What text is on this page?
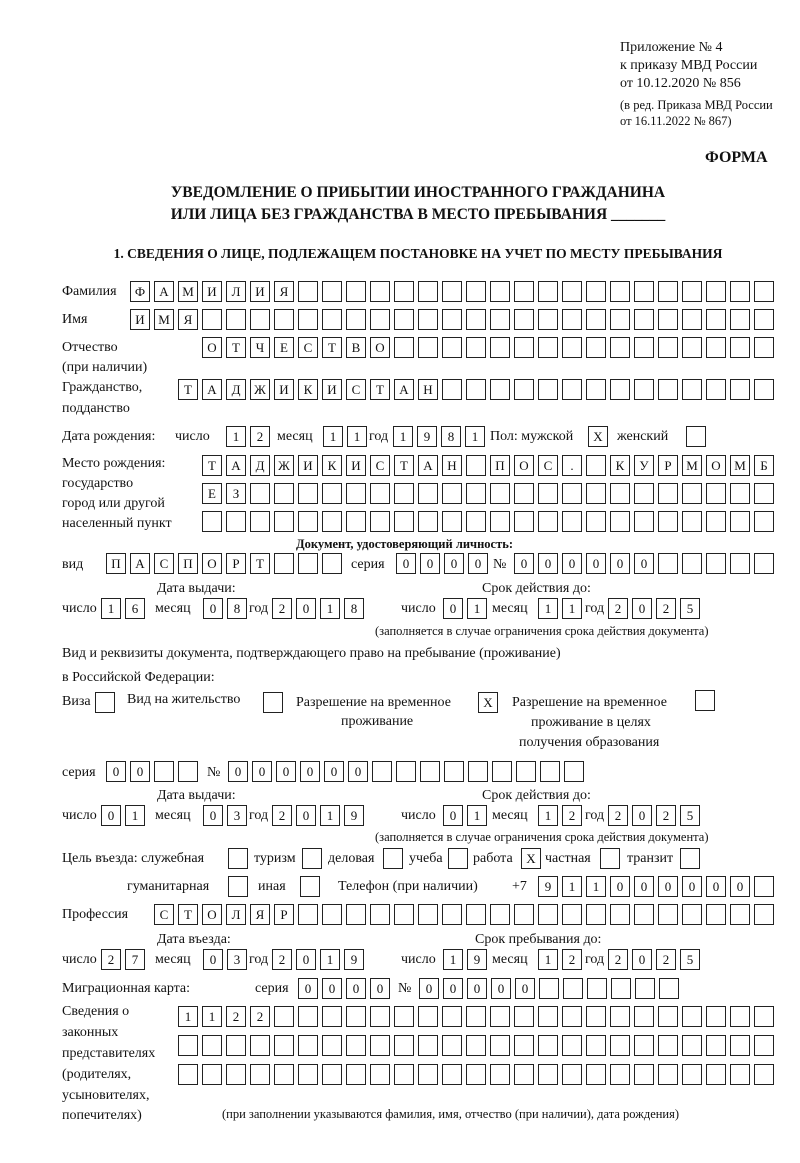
Приложение № 4
к приказу МВД России
от 10.12.2020 № 856
(в ред. Приказа МВД России
от 16.11.2022 № 867)
ФОРМА
УВЕДОМЛЕНИЕ О ПРИБЫТИИ ИНОСТРАННОГО ГРАЖДАНИНА
ИЛИ ЛИЦА БЕЗ ГРАЖДАНСТВА В МЕСТО ПРЕБЫВАНИЯ _______
1. СВЕДЕНИЯ О ЛИЦЕ, ПОДЛЕЖАЩЕМ ПОСТАНОВКЕ НА УЧЕТ ПО МЕСТУ ПРЕБЫВАНИЯ
Фамилия	Ф	А	М	И	Л	И	Я
Имя	И	М	Я
Отчество
(при наличии)
О	Т	Ч	Е	С	Т	В	О
Гражданство,
подданство
Т	А	Д	Ж	И	К	И	С	Т	А	Н
Дата рождения: число	1	2 месяц	1	1 год 1	9	8	1 Пол: мужской	X	женский
Место рождения:
государство
город или другой
населенный пункт
Т	А	Д	Ж	И	К	И	С	Т	А	Н	П	О	С	.	К	У	Р	М	О	М	Б
Е	З
Документ, удостоверяющий личность:
вид	П	А	С	П	О	Р	Т	серия	0	0	0	0 №	0	0	0	0	0	0
Дата выдачи:	Срок действия до:
число 1	6	месяц	0	8 год 2	0	1	8	число	0	1 месяц	1	1 год 2	0	2	5
(заполняется в случае ограничения срока действия документа)
Вид и реквизиты документа, подтверждающего право на пребывание (проживание)
в Российской Федерации:
Виза	Вид на жительство	Разрешение на временное
проживание
X	Разрешение на временное
проживание в целях
получения образования
серия	0	0	№	0	0	0	0	0	0
Дата выдачи:	Срок действия до:
число 0	1	месяц	0	3 год 2	0	1	9	число	0	1 месяц	1	2 год 2	0	2	5
(заполняется в случае ограничения срока действия документа)
Цель въезда: служебная	туризм деловая учеба работа	X частная	транзит
гуманитарная	иная	Телефон (при наличии) +7	9	1	1	0	0	0	0	0	0
Профессия	С	Т	О	Л	Я	Р
Дата въезда:	Срок пребывания до:
число 2	7	месяц	0	3 год 2	0	1	9	число	1	9 месяц	1	2 год 2	0	2	5
Миграционная карта:	серия	0	0	0	0	№	0	0	0	0	0
Сведения о
законных
представителях
(родителях,
усыновителях,
попечителях)
1	1	2	2
(при заполнении указываются фамилия, имя, отчество (при наличии), дата рождения)
